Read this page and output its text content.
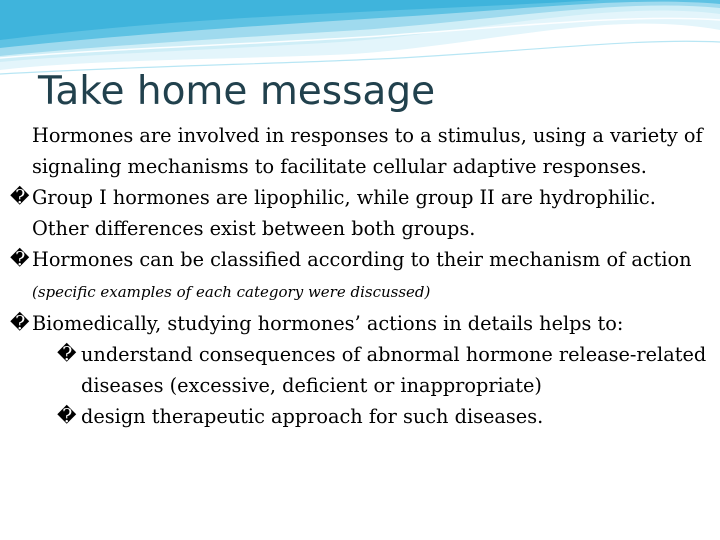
Take home message
Hormones are involved in responses to a stimulus, using a variety of signaling mechanisms to facilitate cellular adaptive responses.
� Group I hormones are lipophilic, while group II are hydrophilic. Other differences exist between both groups.
� Hormones can be classified according to their mechanism of action (specific examples of each category were discussed)
� Biomedically, studying hormones’ actions in details helps to:
� understand consequences of abnormal hormone release-related diseases (excessive, deficient or inappropriate)
� design therapeutic approach for such diseases.
